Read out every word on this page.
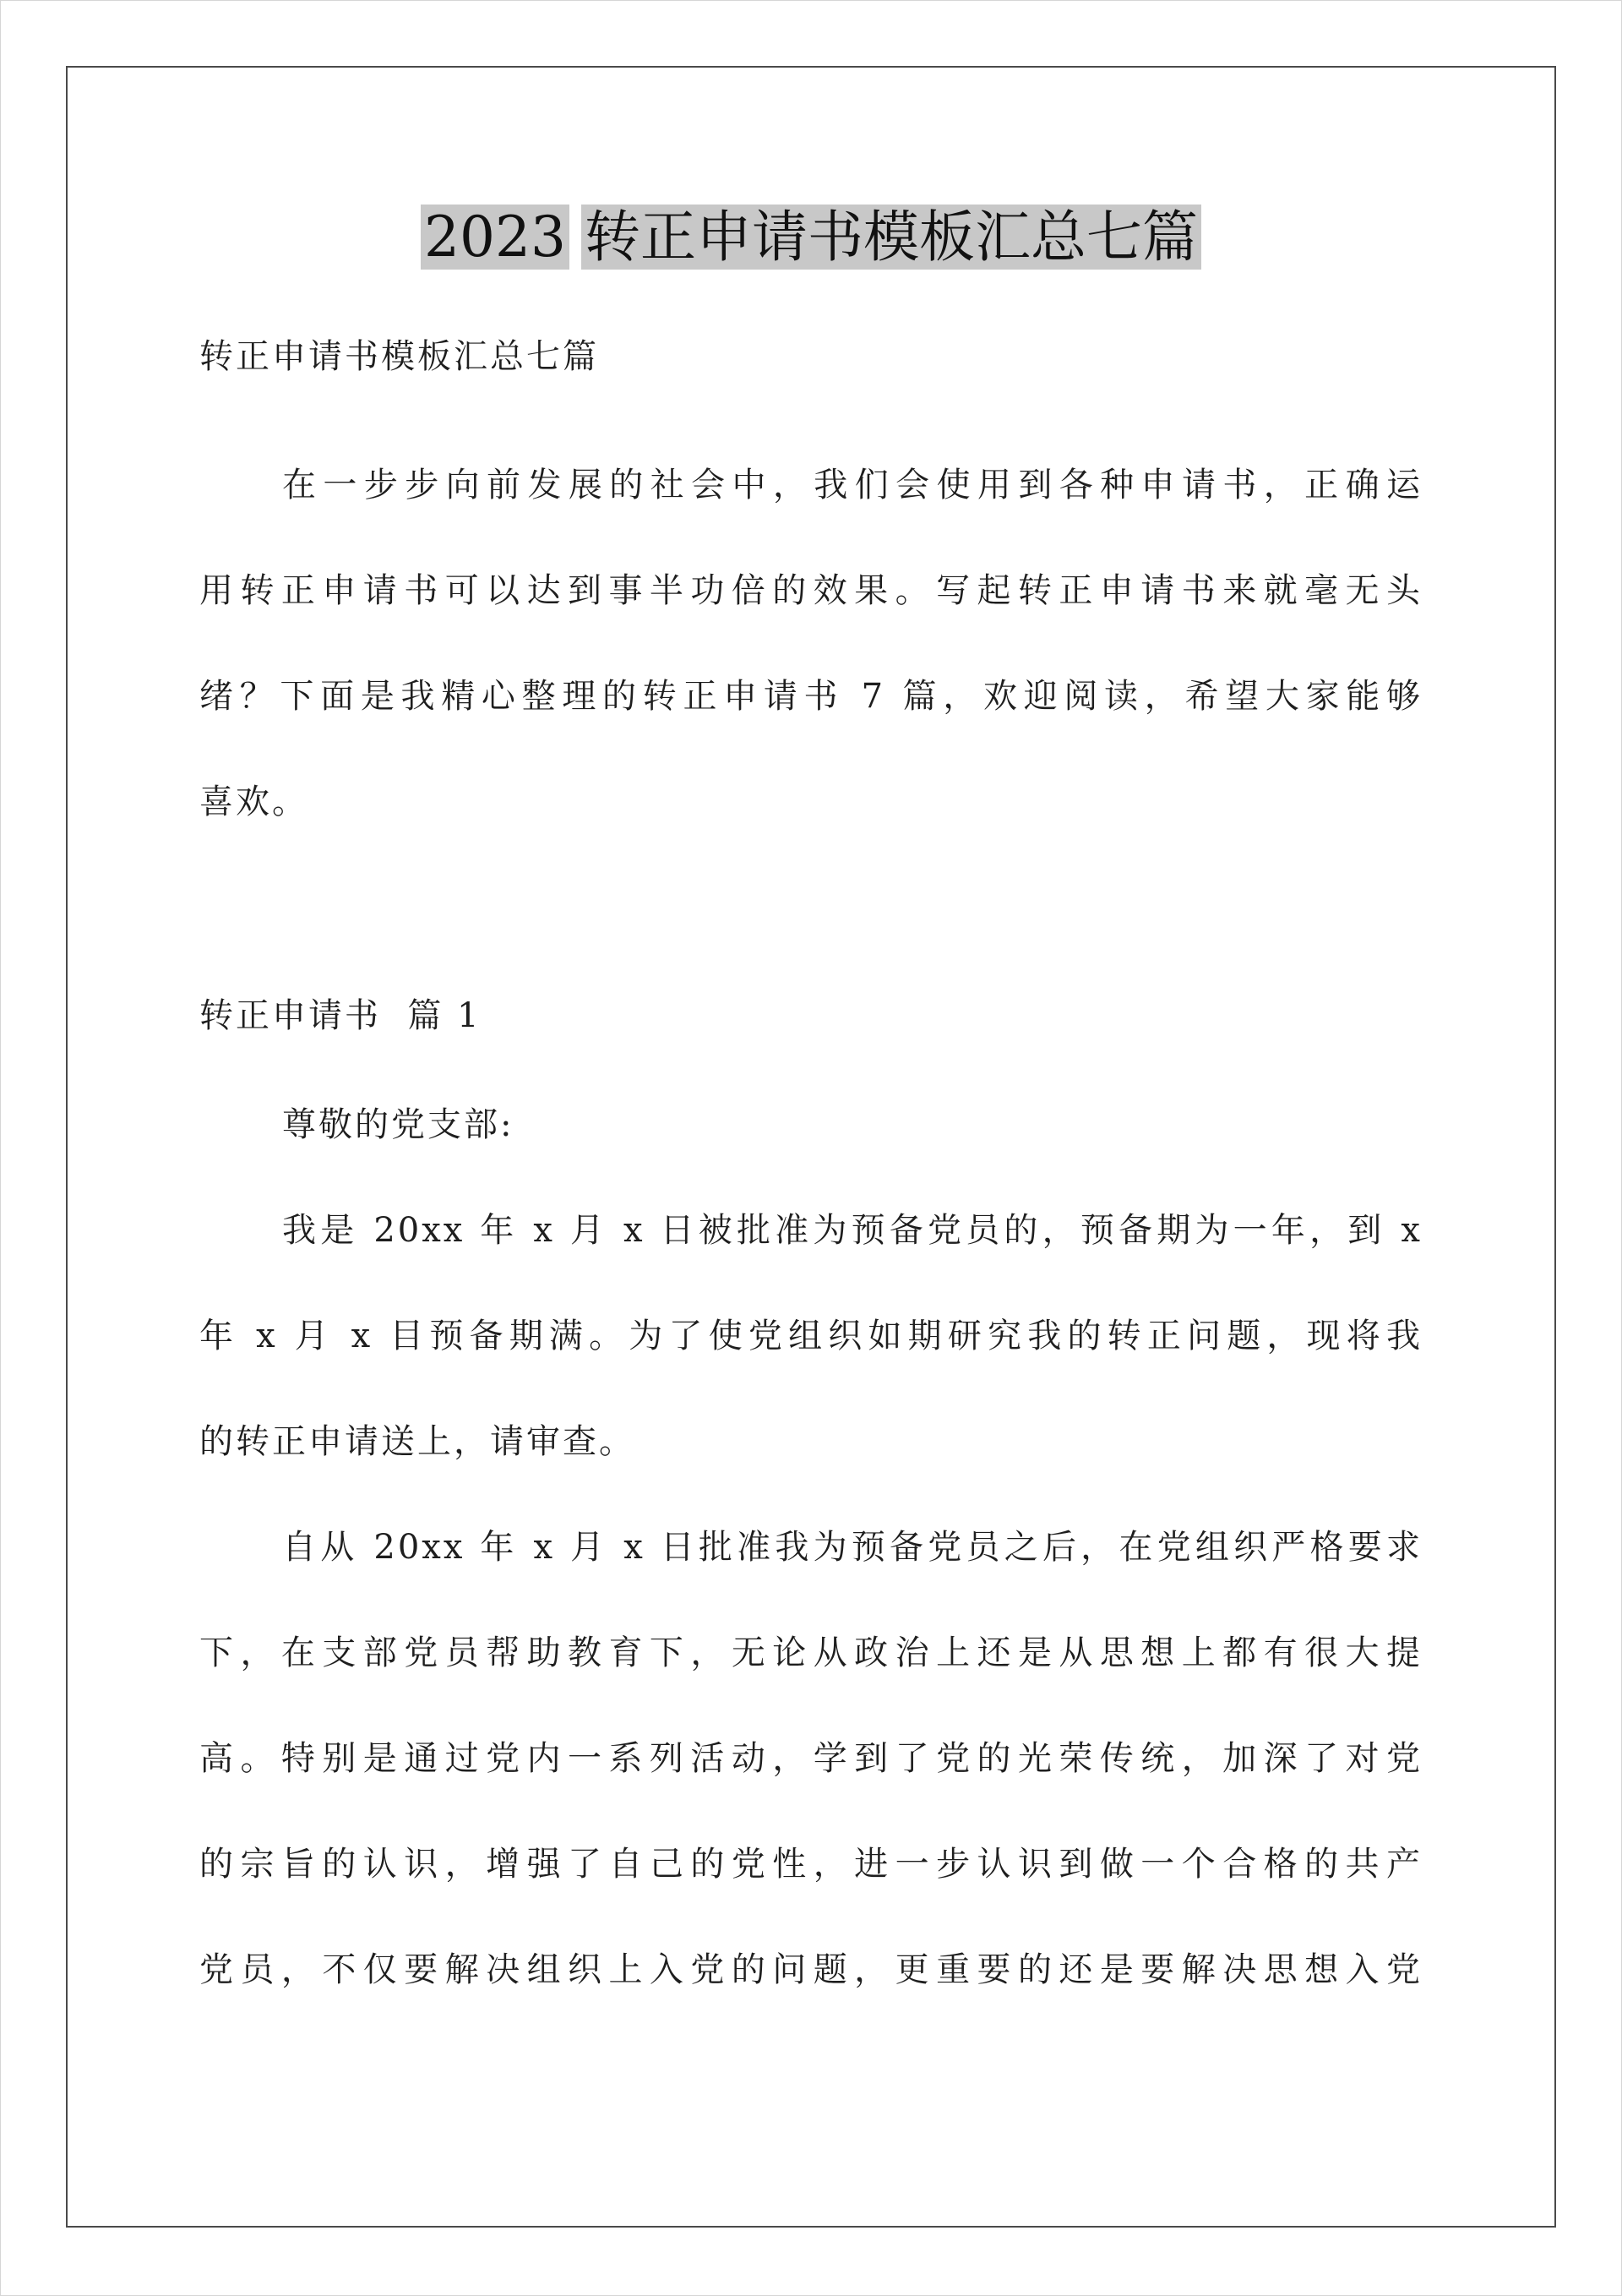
2023 转正申请书模板汇总七篇
转正申请书模板汇总七篇
在一步步向前发展的社会中，我们会使用到各种申请书，正确运
用转正申请书可以达到事半功倍的效果。写起转正申请书来就毫无头
绪？下面是我精心整理的转正申请书 7 篇，欢迎阅读，希望大家能够
喜欢。
转正申请书  篇 1
尊敬的党支部:
我是 20xx 年 x 月 x 日被批准为预备党员的，预备期为一年，到 x
年 x 月 x 目预备期满。为了使党组织如期研究我的转正问题，现将我
的转正申请送上，请审查。
自从 20xx 年 x 月 x 日批准我为预备党员之后，在党组织严格要求
下，在支部党员帮助教育下，无论从政治上还是从思想上都有很大提
高。特别是通过党内一系列活动，学到了党的光荣传统，加深了对党
的宗旨的认识，增强了自己的党性，进一步认识到做一个合格的共产
党员，不仅要解决组织上入党的问题，更重要的还是要解决思想入党
